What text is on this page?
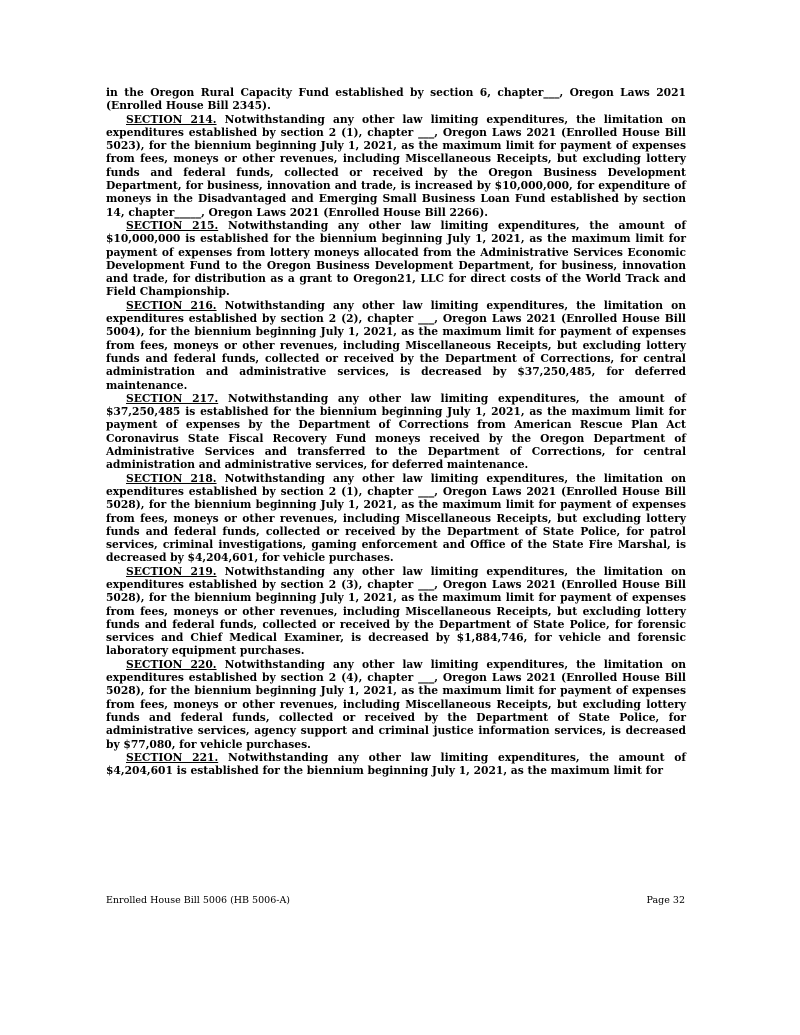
in the Oregon Rural Capacity Fund established by section 6, chapter___, Oregon Laws 2021 (Enrolled House Bill 2345).

SECTION 214. Notwithstanding any other law limiting expenditures, the limitation on expenditures established by section 2 (1), chapter ___, Oregon Laws 2021 (Enrolled House Bill 5023), for the biennium beginning July 1, 2021, as the maximum limit for payment of expenses from fees, moneys or other revenues, including Miscellaneous Receipts, but excluding lottery funds and federal funds, collected or received by the Oregon Business Development Department, for business, innovation and trade, is increased by $10,000,000, for expenditure of moneys in the Disadvantaged and Emerging Small Business Loan Fund established by section 14, chapter_____, Oregon Laws 2021 (Enrolled House Bill 2266).

SECTION 215. Notwithstanding any other law limiting expenditures, the amount of $10,000,000 is established for the biennium beginning July 1, 2021, as the maximum limit for payment of expenses from lottery moneys allocated from the Administrative Services Economic Development Fund to the Oregon Business Development Department, for business, innovation and trade, for distribution as a grant to Oregon21, LLC for direct costs of the World Track and Field Championship.

SECTION 216. Notwithstanding any other law limiting expenditures, the limitation on expenditures established by section 2 (2), chapter ___, Oregon Laws 2021 (Enrolled House Bill 5004), for the biennium beginning July 1, 2021, as the maximum limit for payment of expenses from fees, moneys or other revenues, including Miscellaneous Receipts, but excluding lottery funds and federal funds, collected or received by the Department of Corrections, for central administration and administrative services, is decreased by $37,250,485, for deferred maintenance.

SECTION 217. Notwithstanding any other law limiting expenditures, the amount of $37,250,485 is established for the biennium beginning July 1, 2021, as the maximum limit for payment of expenses by the Department of Corrections from American Rescue Plan Act Coronavirus State Fiscal Recovery Fund moneys received by the Oregon Department of Administrative Services and transferred to the Department of Corrections, for central administration and administrative services, for deferred maintenance.

SECTION 218. Notwithstanding any other law limiting expenditures, the limitation on expenditures established by section 2 (1), chapter ___, Oregon Laws 2021 (Enrolled House Bill 5028), for the biennium beginning July 1, 2021, as the maximum limit for payment of expenses from fees, moneys or other revenues, including Miscellaneous Receipts, but excluding lottery funds and federal funds, collected or received by the Department of State Police, for patrol services, criminal investigations, gaming enforcement and Office of the State Fire Marshal, is decreased by $4,204,601, for vehicle purchases.

SECTION 219. Notwithstanding any other law limiting expenditures, the limitation on expenditures established by section 2 (3), chapter ___, Oregon Laws 2021 (Enrolled House Bill 5028), for the biennium beginning July 1, 2021, as the maximum limit for payment of expenses from fees, moneys or other revenues, including Miscellaneous Receipts, but excluding lottery funds and federal funds, collected or received by the Department of State Police, for forensic services and Chief Medical Examiner, is decreased by $1,884,746, for vehicle and forensic laboratory equipment purchases.

SECTION 220. Notwithstanding any other law limiting expenditures, the limitation on expenditures established by section 2 (4), chapter ___, Oregon Laws 2021 (Enrolled House Bill 5028), for the biennium beginning July 1, 2021, as the maximum limit for payment of expenses from fees, moneys or other revenues, including Miscellaneous Receipts, but excluding lottery funds and federal funds, collected or received by the Department of State Police, for administrative services, agency support and criminal justice information services, is decreased by $77,080, for vehicle purchases.

SECTION 221. Notwithstanding any other law limiting expenditures, the amount of $4,204,601 is established for the biennium beginning July 1, 2021, as the maximum limit for

Enrolled House Bill 5006 (HB 5006-A)	Page 32
